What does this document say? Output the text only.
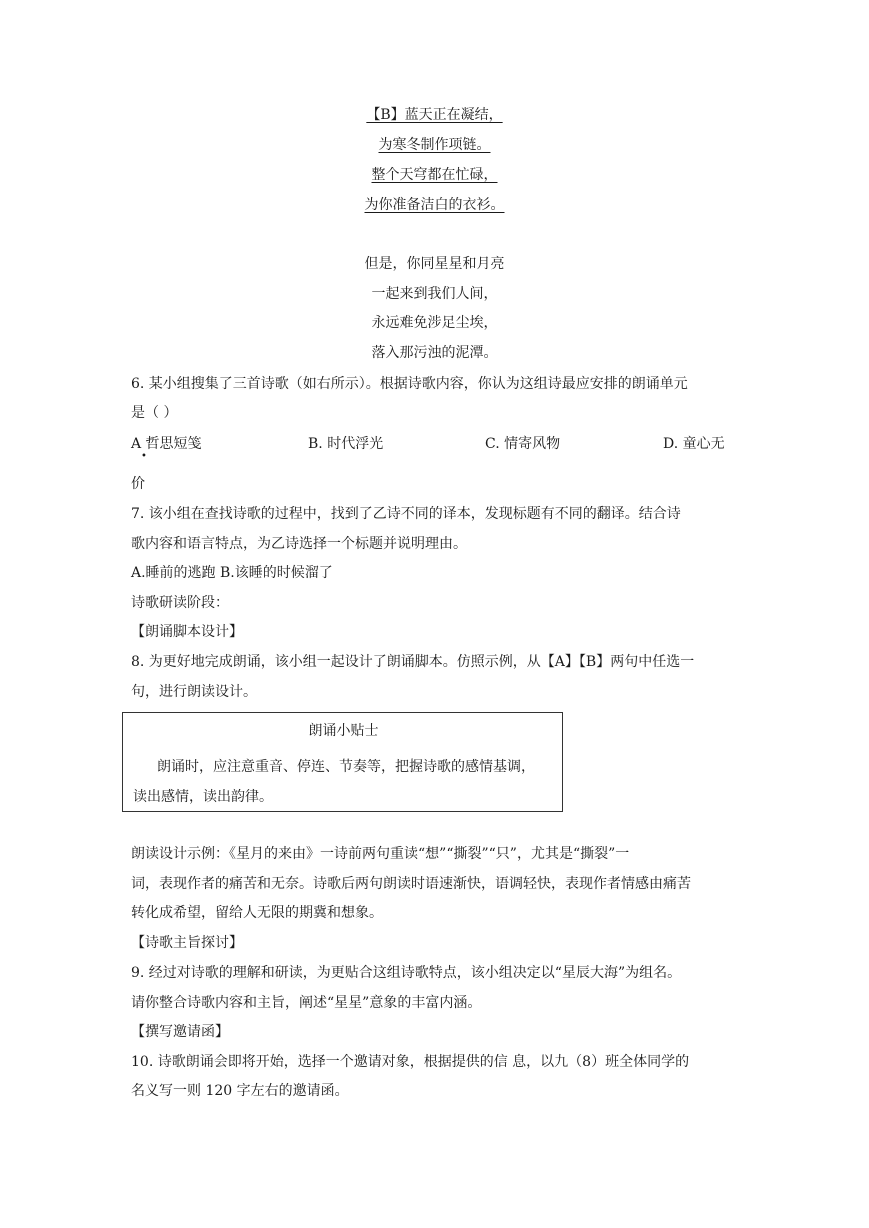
【B】蓝天正在凝结，
为寒冬制作项链。
整个天穹都在忙碌，
为你准备洁白的衣衫。
但是，你同星星和月亮
一起来到我们人间，
永远难免涉足尘埃，
落入那污浊的泥潭。
6. 某小组搜集了三首诗歌（如右所示）。根据诗歌内容，你认为这组诗最应安排的朗诵单元
是（ ）
A 哲思短笺
•
B. 时代浮光	C. 情寄风物	D. 童心无
价
7. 该小组在查找诗歌的过程中，找到了乙诗不同的译本，发现标题有不同的翻译。结合诗
歌内容和语言特点，为乙诗选择一个标题并说明理由。
A.睡前的逃跑 B.该睡的时候溜了
诗歌研读阶段：
【朗诵脚本设计】
8. 为更好地完成朗诵，该小组一起设计了朗诵脚本。仿照示例，从【A】【B】两句中任选一
句，进行朗读设计。
朗诵小贴士
朗诵时，应注意重音、停连、节奏等，把握诗歌的感情基调，
读出感情，读出韵律。
朗读设计示例：《星月的来由》一诗前两句重读“想”“撕裂”“只”，尤其是“撕裂”一
词，表现作者的痛苦和无奈。诗歌后两句朗读时语速渐快，语调轻快，表现作者情感由痛苦
转化成希望，留给人无限的期冀和想象。
【诗歌主旨探讨】
9. 经过对诗歌的理解和研读，为更贴合这组诗歌特点，该小组决定以“星辰大海”为组名。
请你整合诗歌内容和主旨，阐述“星星”意象的丰富内涵。
【撰写邀请函】
10. 诗歌朗诵会即将开始，选择一个邀请对象，根据提供的信 息，以九（8）班全体同学的
名义写一则 120 字左右的邀请函。
